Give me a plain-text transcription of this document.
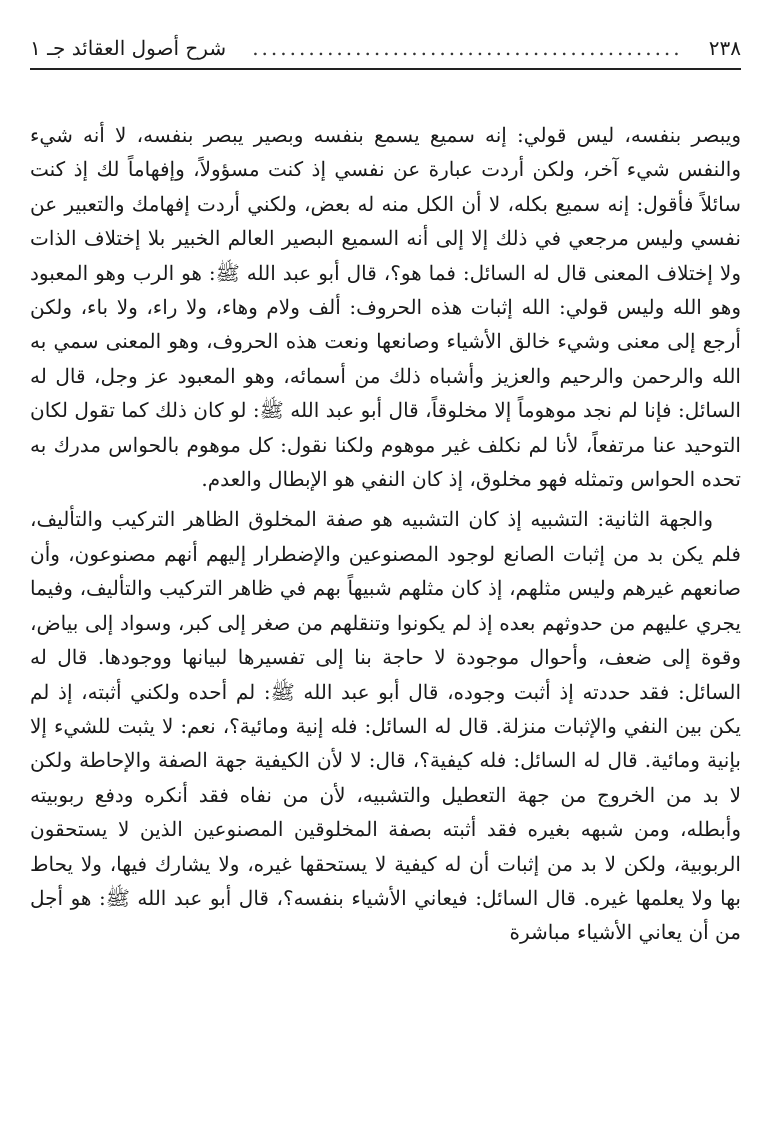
٢٣٨
..............................................
شرح أصول العقائد جـ ١

ويبصر بنفسه، ليس قولي: إنه سميع يسمع بنفسه وبصير يبصر بنفسه، لا أنه شيء والنفس شيء آخر، ولكن أردت عبارة عن نفسي إذ كنت مسؤولاً، وإفهاماً لك إذ كنت سائلاً فأقول: إنه سميع بكله، لا أن الكل منه له بعض، ولكني أردت إفهامك والتعبير عن نفسي وليس مرجعي في ذلك إلا إلى أنه السميع البصير العالم الخبير بلا إختلاف الذات ولا إختلاف المعنى قال له السائل: فما هو؟، قال أبو عبد الله ﷺ: هو الرب وهو المعبود وهو الله وليس قولي: الله إثبات هذه الحروف: ألف ولام وهاء، ولا راء، ولا باء، ولكن أرجع إلى معنى وشيء خالق الأشياء وصانعها ونعت هذه الحروف، وهو المعنى سمي به الله والرحمن والرحيم والعزيز وأشباه ذلك من أسمائه، وهو المعبود عز وجل، قال له السائل: فإنا لم نجد موهوماً إلا مخلوقاً، قال أبو عبد الله ﷺ: لو كان ذلك كما تقول لكان التوحيد عنا مرتفعاً، لأنا لم نكلف غير موهوم ولكنا نقول: كل موهوم بالحواس مدرك به تحده الحواس وتمثله فهو مخلوق، إذ كان النفي هو الإبطال والعدم.

والجهة الثانية: التشبيه إذ كان التشبيه هو صفة المخلوق الظاهر التركيب والتأليف، فلم يكن بد من إثبات الصانع لوجود المصنوعين والإضطرار إليهم أنهم مصنوعون، وأن صانعهم غيرهم وليس مثلهم، إذ كان مثلهم شبيهاً بهم في ظاهر التركيب والتأليف، وفيما يجري عليهم من حدوثهم بعده إذ لم يكونوا وتنقلهم من صغر إلى كبر، وسواد إلى بياض، وقوة إلى ضعف، وأحوال موجودة لا حاجة بنا إلى تفسيرها لبيانها ووجودها. قال له السائل: فقد حددته إذ أثبت وجوده، قال أبو عبد الله ﷺ: لم أحده ولكني أثبته، إذ لم يكن بين النفي والإثبات منزلة. قال له السائل: فله إنية ومائية؟، نعم: لا يثبت للشيء إلا بإنية ومائية. قال له السائل: فله كيفية؟، قال: لا لأن الكيفية جهة الصفة والإحاطة ولكن لا بد من الخروج من جهة التعطيل والتشبيه، لأن من نفاه فقد أنكره ودفع ربوبيته وأبطله، ومن شبهه بغيره فقد أثبته بصفة المخلوقين المصنوعين الذين لا يستحقون الربوبية، ولكن لا بد من إثبات أن له كيفية لا يستحقها غيره، ولا يشارك فيها، ولا يحاط بها ولا يعلمها غيره. قال السائل: فيعاني الأشياء بنفسه؟، قال أبو عبد الله ﷺ: هو أجل من أن يعاني الأشياء مباشرة
